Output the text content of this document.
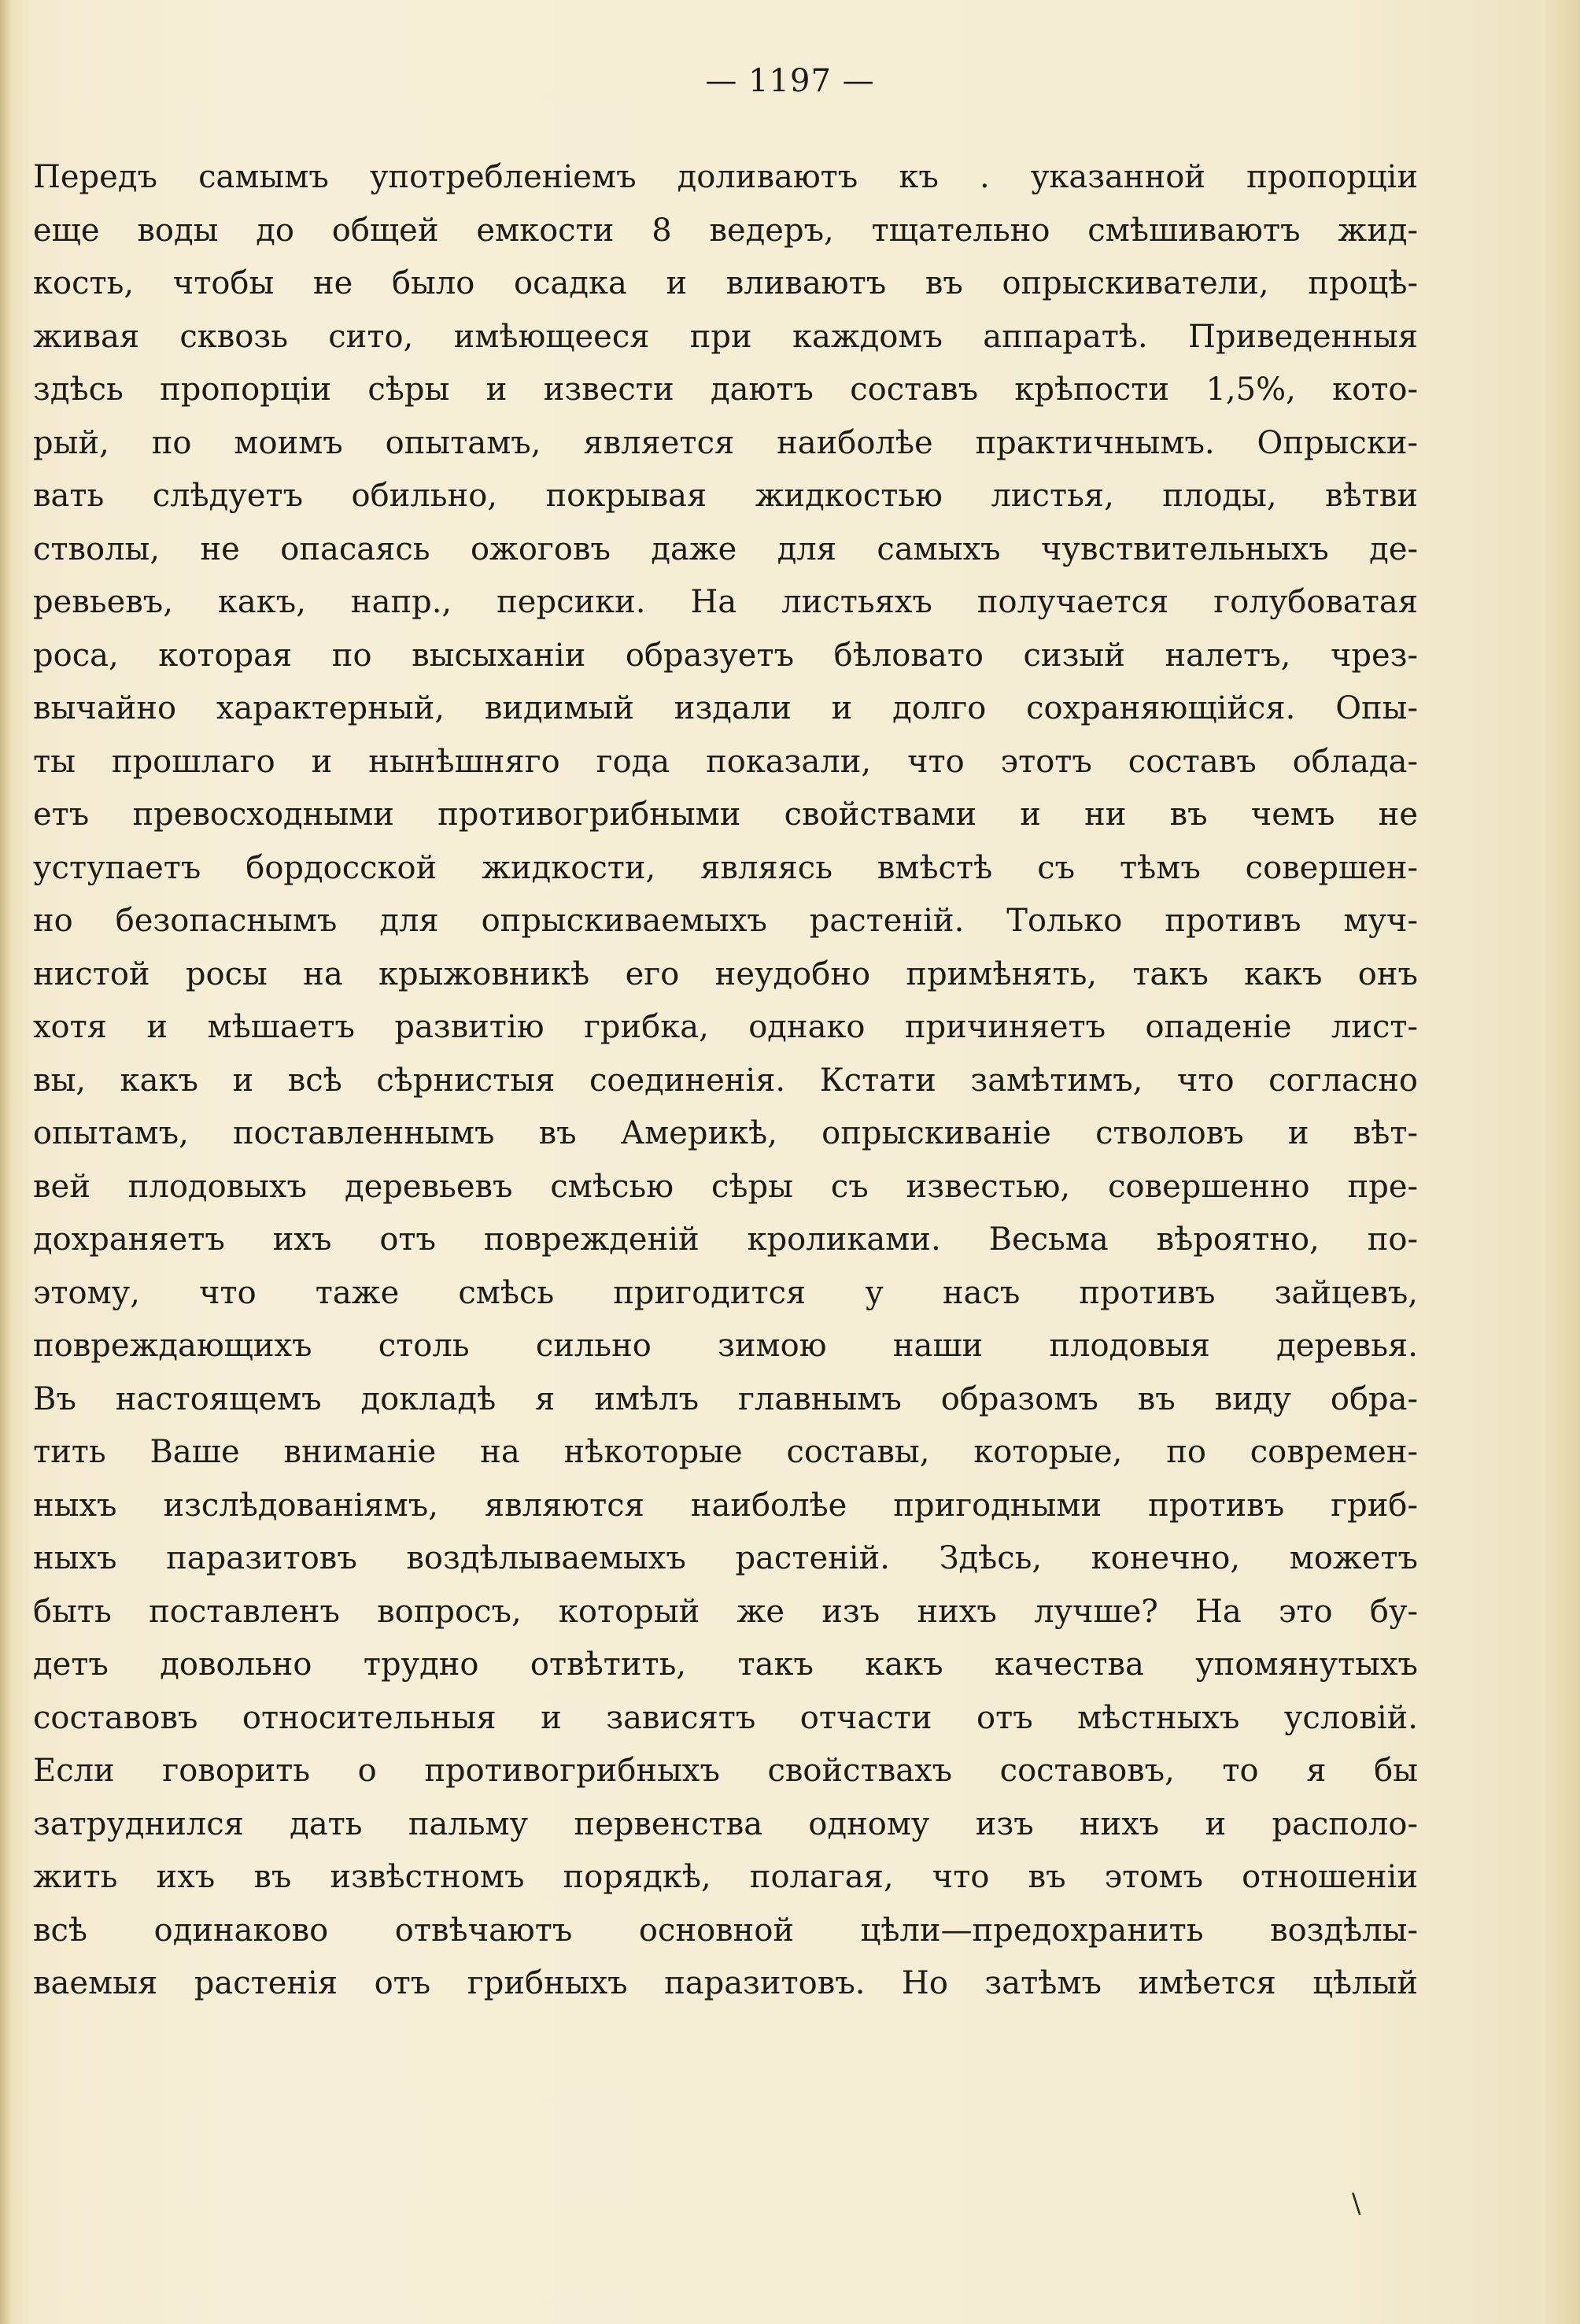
— 1197 —
Передъ самымъ употребленіемъ доливаютъ къ . указанной пропорціи
еще воды до общей емкости 8 ведеръ, тщательно смѣшиваютъ жид-
кость, чтобы не было осадка и вливаютъ въ опрыскиватели, процѣ-
живая сквозь сито, имѣющееся при каждомъ аппаратѣ. Приведенныя
здѣсь пропорціи сѣры и извести даютъ составъ крѣпости 1,5%, кото-
рый, по моимъ опытамъ, является наиболѣе практичнымъ. Опрыски-
вать слѣдуетъ обильно, покрывая жидкостью листья, плоды, вѣтви
стволы, не опасаясь ожоговъ даже для самыхъ чувствительныхъ де-
ревьевъ, какъ, напр., персики. На листьяхъ получается голубоватая
роса, которая по высыханіи образуетъ бѣловато сизый налетъ, чрез-
вычайно характерный, видимый издали и долго сохраняющійся. Опы-
ты прошлаго и нынѣшняго года показали, что этотъ составъ облада-
етъ превосходными противогрибными свойствами и ни въ чемъ не
уступаетъ бордосской жидкости, являясь вмѣстѣ съ тѣмъ совершен-
но безопаснымъ для опрыскиваемыхъ растеній. Только противъ муч-
нистой росы на крыжовникѣ его неудобно примѣнять, такъ какъ онъ
хотя и мѣшаетъ развитію грибка, однако причиняетъ опаденіе лист-
вы, какъ и всѣ сѣрнистыя соединенія. Кстати замѣтимъ, что согласно
опытамъ, поставленнымъ въ Америкѣ, опрыскиваніе стволовъ и вѣт-
вей плодовыхъ деревьевъ смѣсью сѣры съ известью, совершенно пре-
дохраняетъ ихъ отъ поврежденій кроликами. Весьма вѣроятно, по-
этому, что таже смѣсь пригодится у насъ противъ зайцевъ,
повреждающихъ столь сильно зимою наши плодовыя деревья.
Въ настоящемъ докладѣ я имѣлъ главнымъ образомъ въ виду обра-
тить Ваше вниманіе на нѣкоторые составы, которые, по современ-
ныхъ изслѣдованіямъ, являются наиболѣе пригодными противъ гриб-
ныхъ паразитовъ воздѣлываемыхъ растеній. Здѣсь, конечно, можетъ
быть поставленъ вопросъ, который же изъ нихъ лучше? На это бу-
детъ довольно трудно отвѣтить, такъ какъ качества упомянутыхъ
составовъ относительныя и зависятъ отчасти отъ мѣстныхъ условій.
Если говорить о противогрибныхъ свойствахъ составовъ, то я бы
затруднился дать пальму первенства одному изъ нихъ и располо-
жить ихъ въ извѣстномъ порядкѣ, полагая, что въ этомъ отношеніи
всѣ одинаково отвѣчаютъ основной цѣли—предохранить воздѣлы-
ваемыя растенія отъ грибныхъ паразитовъ. Но затѣмъ имѣется цѣлый
\
